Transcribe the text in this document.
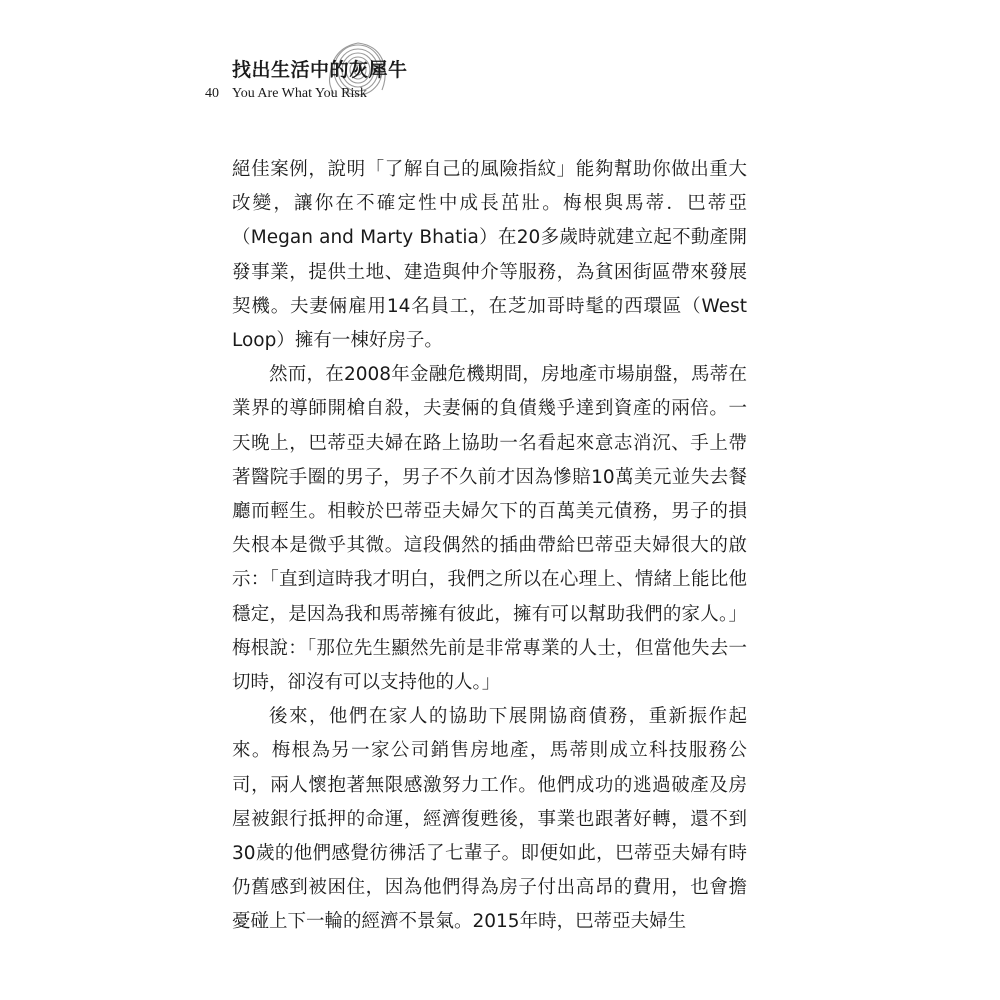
找出生活中的灰犀牛
40 You Are What You Risk

絕佳案例，說明「了解自己的風險指紋」能夠幫助你做出重大改變，讓你在不確定性中成長茁壯。梅根與馬蒂．巴蒂亞（Megan and Marty Bhatia）在20多歲時就建立起不動產開發事業，提供土地、建造與仲介等服務，為貧困街區帶來發展契機。夫妻倆雇用14名員工，在芝加哥時髦的西環區（West Loop）擁有一棟好房子。

然而，在2008年金融危機期間，房地產市場崩盤，馬蒂在業界的導師開槍自殺，夫妻倆的負債幾乎達到資產的兩倍。一天晚上，巴蒂亞夫婦在路上協助一名看起來意志消沉、手上帶著醫院手圈的男子，男子不久前才因為慘賠10萬美元並失去餐廳而輕生。相較於巴蒂亞夫婦欠下的百萬美元債務，男子的損失根本是微乎其微。這段偶然的插曲帶給巴蒂亞夫婦很大的啟示：「直到這時我才明白，我們之所以在心理上、情緒上能比他穩定，是因為我和馬蒂擁有彼此，擁有可以幫助我們的家人。」梅根說：「那位先生顯然先前是非常專業的人士，但當他失去一切時，卻沒有可以支持他的人。」

後來，他們在家人的協助下展開協商債務，重新振作起來。梅根為另一家公司銷售房地產，馬蒂則成立科技服務公司，兩人懷抱著無限感激努力工作。他們成功的逃過破產及房屋被銀行抵押的命運，經濟復甦後，事業也跟著好轉，還不到30歲的他們感覺彷彿活了七輩子。即便如此，巴蒂亞夫婦有時仍舊感到被困住，因為他們得為房子付出高昂的費用，也會擔憂碰上下一輪的經濟不景氣。2015年時，巴蒂亞夫婦生
